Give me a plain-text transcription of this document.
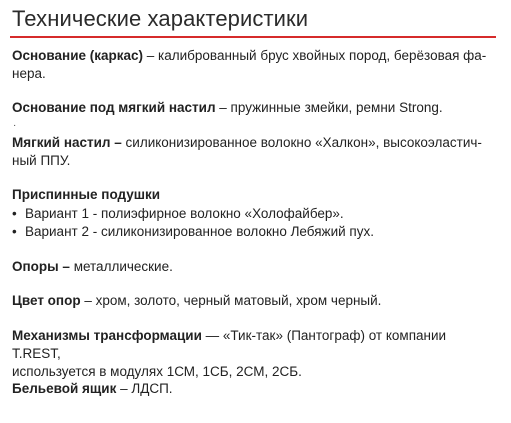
Технические характеристики

Основание (каркас) – калиброванный брус хвойных пород, берёзовая фа-
нера.

Основание под мягкий настил – пружинные змейки, ремни Strong.

·

Мягкий настил – силиконизированное волокно «Халкон», высокоэластич-
ный ППУ.

Приспинные подушки

• Вариант 1 - полиэфирное волокно «Холофайбер».
• Вариант 2 - силиконизированное волокно Лебяжий пух.

Опоры – металлические.

Цвет опор – хром, золото, черный матовый, хром черный.

Механизмы трансформации — «Тик-так» (Пантограф) от компании T.REST,
используется в модулях 1СМ, 1СБ, 2СМ, 2СБ.

Бельевой ящик – ЛДСП.
